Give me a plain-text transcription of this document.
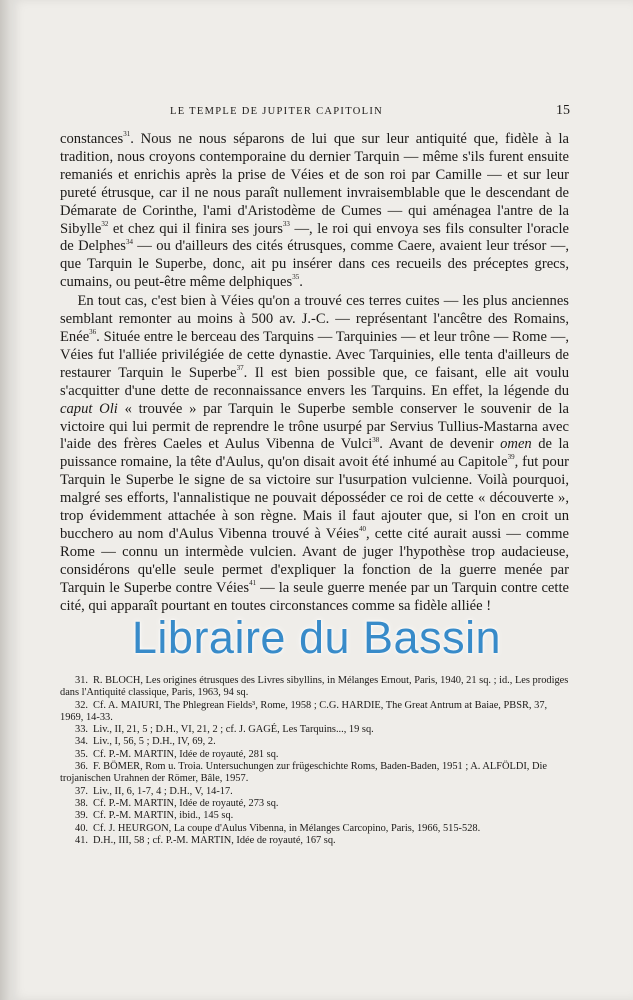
LE TEMPLE DE JUPITER CAPITOLIN	15

constances$^{31}$. Nous ne nous séparons de lui que sur leur antiquité que, fidèle à la tradition, nous croyons contemporaine du dernier Tarquin — même s'ils furent ensuite remaniés et enrichis après la prise de Véies et de son roi par Camille — et sur leur pureté étrusque, car il ne nous paraît nullement invraisemblable que le descendant de Démarate de Corinthe, l'ami d'Aristodème de Cumes — qui aménagea l'antre de la Sibylle$^{32}$ et chez qui il finira ses jours$^{33}$ —, le roi qui envoya ses fils consulter l'oracle de Delphes$^{34}$ — ou d'ailleurs des cités étrusques, comme Caere, avaient leur trésor —, que Tarquin le Superbe, donc, ait pu insérer dans ces recueils des préceptes grecs, cumains, ou peut-être même delphiques$^{35}$.

En tout cas, c'est bien à Véies qu'on a trouvé ces terres cuites — les plus anciennes semblant remonter au moins à 500 av. J.-C. — représentant l'ancêtre des Romains, Enée$^{36}$. Située entre le berceau des Tarquins — Tarquinies — et leur trône — Rome —, Véies fut l'alliée privilégiée de cette dynastie. Avec Tarquinies, elle tenta d'ailleurs de restaurer Tarquin le Superbe$^{37}$. Il est bien possible que, ce faisant, elle ait voulu s'acquitter d'une dette de reconnaissance envers les Tarquins. En effet, la légende du caput Oli « trouvée » par Tarquin le Superbe semble conserver le souvenir de la victoire qui lui permit de reprendre le trône usurpé par Servius Tullius-Mastarna avec l'aide des frères Caeles et Aulus Vibenna de Vulci$^{38}$. Avant de devenir omen de la puissance romaine, la tête d'Aulus, qu'on disait avoit été inhumé au Capitole$^{39}$, fut pour Tarquin le Superbe le signe de sa victoire sur l'usurpation vulcienne. Voilà pourquoi, malgré ses efforts, l'annalistique ne pouvait déposséder ce roi de cette « découverte », trop évidemment attachée à son règne. Mais il faut ajouter que, si l'on en croit un bucchero au nom d'Aulus Vibenna trouvé à Véies$^{40}$, cette cité aurait aussi — comme Rome — connu un intermède vulcien. Avant de juger l'hypothèse trop audacieuse, considérons qu'elle seule permet d'expliquer la fonction de la guerre menée par Tarquin le Superbe contre Véies$^{41}$ — la seule guerre menée par un Tarquin contre cette cité, qui apparaît pourtant en toutes circonstances comme sa fidèle alliée !

31. R. BLOCH, Les origines étrusques des Livres sibyllins, in Mélanges Ernout, Paris, 1940, 21 sq. ; id., Les prodiges dans l'Antiquité classique, Paris, 1963, 94 sq.
32. Cf. A. MAIURI, The Phlegrean Fields³, Rome, 1958 ; C.G. HARDIE, The Great Antrum at Baiae, PBSR, 37, 1969, 14-33.
33. Liv., II, 21, 5 ; D.H., VI, 21, 2 ; cf. J. GAGÉ, Les Tarquins..., 19 sq.
34. Liv., I, 56, 5 ; D.H., IV, 69, 2.
35. Cf. P.-M. MARTIN, Idée de royauté, 281 sq.
36. F. BÖMER, Rom u. Troia. Untersuchungen zur frügeschichte Roms, Baden-Baden, 1951 ; A. ALFÖLDI, Die trojanischen Urahnen der Römer, Bâle, 1957.
37. Liv., II, 6, 1-7, 4 ; D.H., V, 14-17.
38. Cf. P.-M. MARTIN, Idée de royauté, 273 sq.
39. Cf. P.-M. MARTIN, ibid., 145 sq.
40. Cf. J. HEURGON, La coupe d'Aulus Vibenna, in Mélanges Carcopino, Paris, 1966, 515-528.
41. D.H., III, 58 ; cf. P.-M. MARTIN, Idée de royauté, 167 sq.
Libraire du Bassin
